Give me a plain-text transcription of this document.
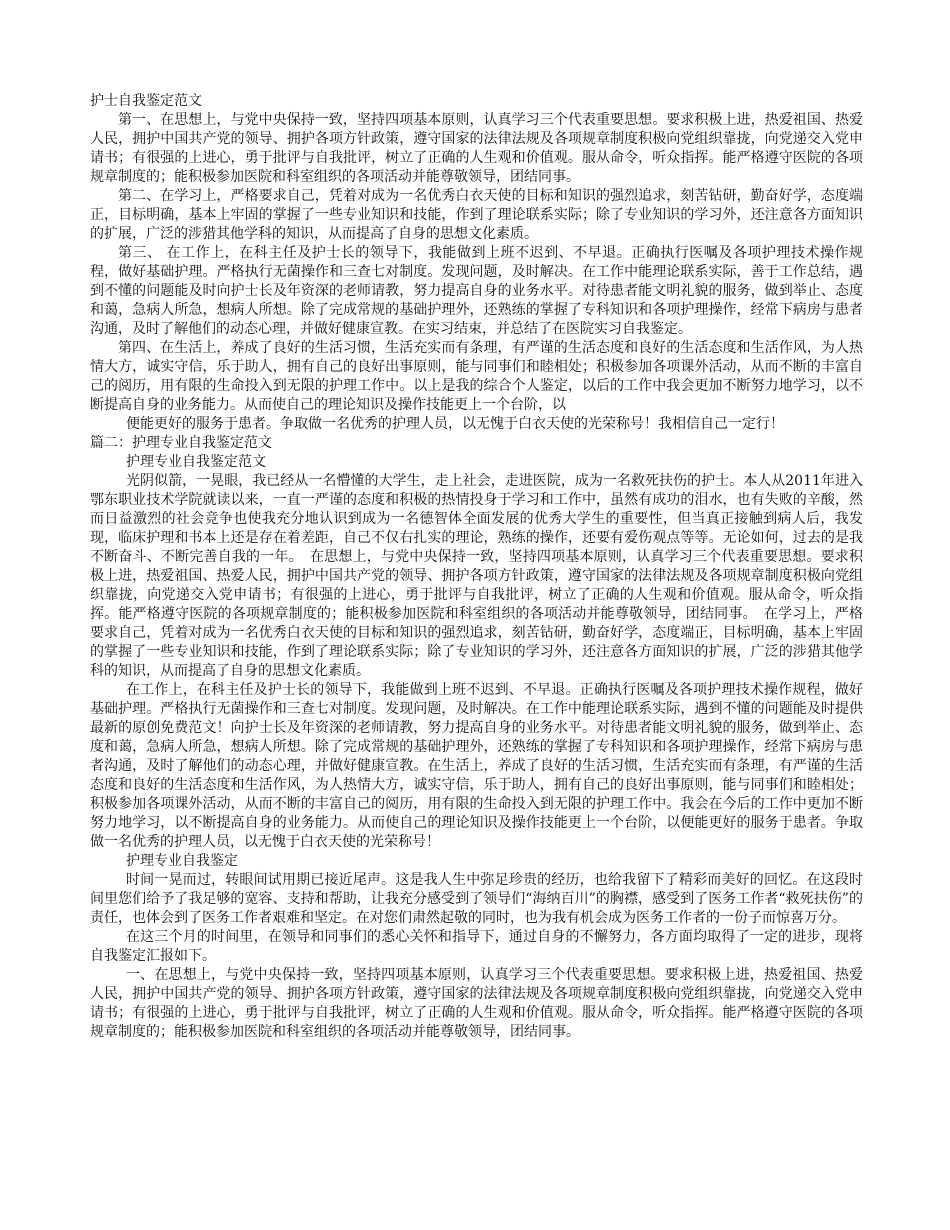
护士自我鉴定范文

第一、在思想上，与党中央保持一致，坚持四项基本原则，认真学习三个代表重要思想。要求积极上进，热爱祖国、热爱人民，拥护中国共产党的领导、拥护各项方针政策，遵守国家的法律法规及各项规章制度积极向党组织靠拢，向党递交入党申请书；有很强的上进心，勇于批评与自我批评，树立了正确的人生观和价值观。服从命令，听众指挥。能严格遵守医院的各项规章制度的；能积极参加医院和科室组织的各项活动并能尊敬领导，团结同事。

第二、在学习上，严格要求自己，凭着对成为一名优秀白衣天使的目标和知识的强烈追求，刻苦钻研，勤奋好学，态度端正，目标明确，基本上牢固的掌握了一些专业知识和技能，作到了理论联系实际；除了专业知识的学习外，还注意各方面知识的扩展，广泛的涉猎其他学科的知识，从而提高了自身的思想文化素质。

第三、 在工作上，在科主任及护士长的领导下，我能做到上班不迟到、不早退。正确执行医嘱及各项护理技术操作规程，做好基础护理。严格执行无菌操作和三查七对制度。发现问题，及时解决。在工作中能理论联系实际，善于工作总结，遇到不懂的问题能及时向护士长及年资深的老师请教，努力提高自身的业务水平。对待患者能文明礼貌的服务，做到举止、态度和蔼，急病人所急，想病人所想。除了完成常规的基础护理外，还熟练的掌握了专科知识和各项护理操作，经常下病房与患者沟通，及时了解他们的动态心理，并做好健康宣教。在实习结束，并总结了在医院实习自我鉴定。

第四、在生活上，养成了良好的生活习惯，生活充实而有条理，有严谨的生活态度和良好的生活态度和生活作风，为人热情大方，诚实守信，乐于助人，拥有自己的良好出事原则，能与同事们和睦相处；积极参加各项课外活动，从而不断的丰富自己的阅历，用有限的生命投入到无限的护理工作中。以上是我的综合个人鉴定，以后的工作中我会更加不断努力地学习，以不断提高自身的业务能力。从而使自己的理论知识及操作技能更上一个台阶，以

便能更好的服务于患者。争取做一名优秀的护理人员，以无愧于白衣天使的光荣称号！我相信自己一定行！

篇二：护理专业自我鉴定范文

护理专业自我鉴定范文

光阴似箭，一晃眼，我已经从一名懵懂的大学生，走上社会，走进医院，成为一名救死扶伤的护士。本人从2011年进入鄂东职业技术学院就读以来，一直一严谨的态度和积极的热情投身于学习和工作中，虽然有成功的泪水，也有失败的辛酸，然而日益激烈的社会竞争也使我充分地认识到成为一名德智体全面发展的优秀大学生的重要性，但当真正接触到病人后，我发现，临床护理和书本上还是存在着差距，自己不仅右扎实的理论，熟练的操作，还要有爱伤观点等等。无论如何，过去的是我不断奋斗、不断完善自我的一年。　在思想上，与党中央保持一致，坚持四项基本原则，认真学习三个代表重要思想。要求积极上进，热爱祖国、热爱人民，拥护中国共产党的领导、拥护各项方针政策，遵守国家的法律法规及各项规章制度积极向党组织靠拢，向党递交入党申请书；有很强的上进心，勇于批评与自我批评，树立了正确的人生观和价值观。服从命令，听众指挥。能严格遵守医院的各项规章制度的；能积极参加医院和科室组织的各项活动并能尊敬领导，团结同事。　在学习上，严格要求自己，凭着对成为一名优秀白衣天使的目标和知识的强烈追求，刻苦钻研，勤奋好学，态度端正，目标明确，基本上牢固的掌握了一些专业知识和技能，作到了理论联系实际；除了专业知识的学习外，还注意各方面知识的扩展，广泛的涉猎其他学科的知识，从而提高了自身的思想文化素质。

在工作上，在科主任及护士长的领导下，我能做到上班不迟到、不早退。正确执行医嘱及各项护理技术操作规程，做好基础护理。严格执行无菌操作和三查七对制度。发现问题，及时解决。在工作中能理论联系实际，遇到不懂的问题能及时提供最新的原创免费范文！向护士长及年资深的老师请教，努力提高自身的业务水平。对待患者能文明礼貌的服务，做到举止、态度和蔼，急病人所急，想病人所想。除了完成常规的基础护理外，还熟练的掌握了专科知识和各项护理操作，经常下病房与患者沟通，及时了解他们的动态心理，并做好健康宣教。在生活上，养成了良好的生活习惯，生活充实而有条理，有严谨的生活态度和良好的生活态度和生活作风，为人热情大方，诚实守信，乐于助人，拥有自己的良好出事原则，能与同事们和睦相处；积极参加各项课外活动，从而不断的丰富自己的阅历，用有限的生命投入到无限的护理工作中。我会在今后的工作中更加不断努力地学习，以不断提高自身的业务能力。从而使自己的理论知识及操作技能更上一个台阶，以便能更好的服务于患者。争取做一名优秀的护理人员，以无愧于白衣天使的光荣称号！

护理专业自我鉴定

时间一晃而过，转眼间试用期已接近尾声。这是我人生中弥足珍贵的经历，也给我留下了精彩而美好的回忆。在这段时间里您们给予了我足够的宽容、支持和帮助，让我充分感受到了领导们“海纳百川”的胸襟，感受到了医务工作者“救死扶伤”的责任，也体会到了医务工作者艰难和坚定。在对您们肃然起敬的同时，也为我有机会成为医务工作者的一份子而惊喜万分。

在这三个月的时间里，在领导和同事们的悉心关怀和指导下，通过自身的不懈努力，各方面均取得了一定的进步，现将自我鉴定汇报如下。

一、在思想上，与党中央保持一致，坚持四项基本原则，认真学习三个代表重要思想。要求积极上进，热爱祖国、热爱人民，拥护中国共产党的领导、拥护各项方针政策，遵守国家的法律法规及各项规章制度积极向党组织靠拢，向党递交入党申请书；有很强的上进心，勇于批评与自我批评，树立了正确的人生观和价值观。服从命令，听众指挥。能严格遵守医院的各项规章制度的；能积极参加医院和科室组织的各项活动并能尊敬领导，团结同事。
